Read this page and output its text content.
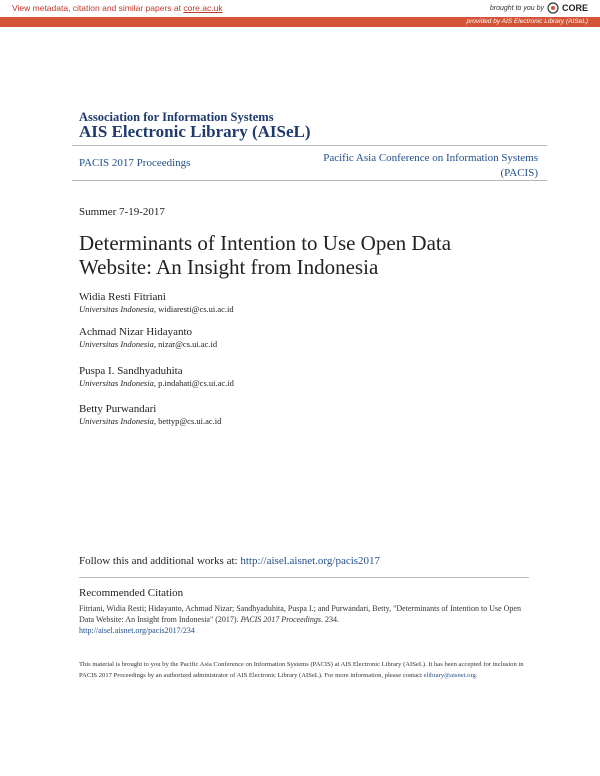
View metadata, citation and similar papers at core.ac.uk	brought to you by CORE
provided by AIS Electronic Library (AISeL)
Association for Information Systems
AIS Electronic Library (AISeL)
PACIS 2017 Proceedings	Pacific Asia Conference on Information Systems (PACIS)
Summer 7-19-2017
Determinants of Intention to Use Open Data Website: An Insight from Indonesia
Widia Resti Fitriani
Universitas Indonesia, widiaresti@cs.ui.ac.id
Achmad Nizar Hidayanto
Universitas Indonesia, nizar@cs.ui.ac.id
Puspa I. Sandhyaduhita
Universitas Indonesia, p.indahati@cs.ui.ac.id
Betty Purwandari
Universitas Indonesia, bettyp@cs.ui.ac.id
Follow this and additional works at: http://aisel.aisnet.org/pacis2017
Recommended Citation
Fitriani, Widia Resti; Hidayanto, Achmad Nizar; Sandhyaduhita, Puspa I.; and Purwandari, Betty, "Determinants of Intention to Use Open Data Website: An Insight from Indonesia" (2017). PACIS 2017 Proceedings. 234.
http://aisel.aisnet.org/pacis2017/234
This material is brought to you by the Pacific Asia Conference on Information Systems (PACIS) at AIS Electronic Library (AISeL). It has been accepted for inclusion in PACIS 2017 Proceedings by an authorized administrator of AIS Electronic Library (AISeL). For more information, please contact elibrary@aisnet.org.
